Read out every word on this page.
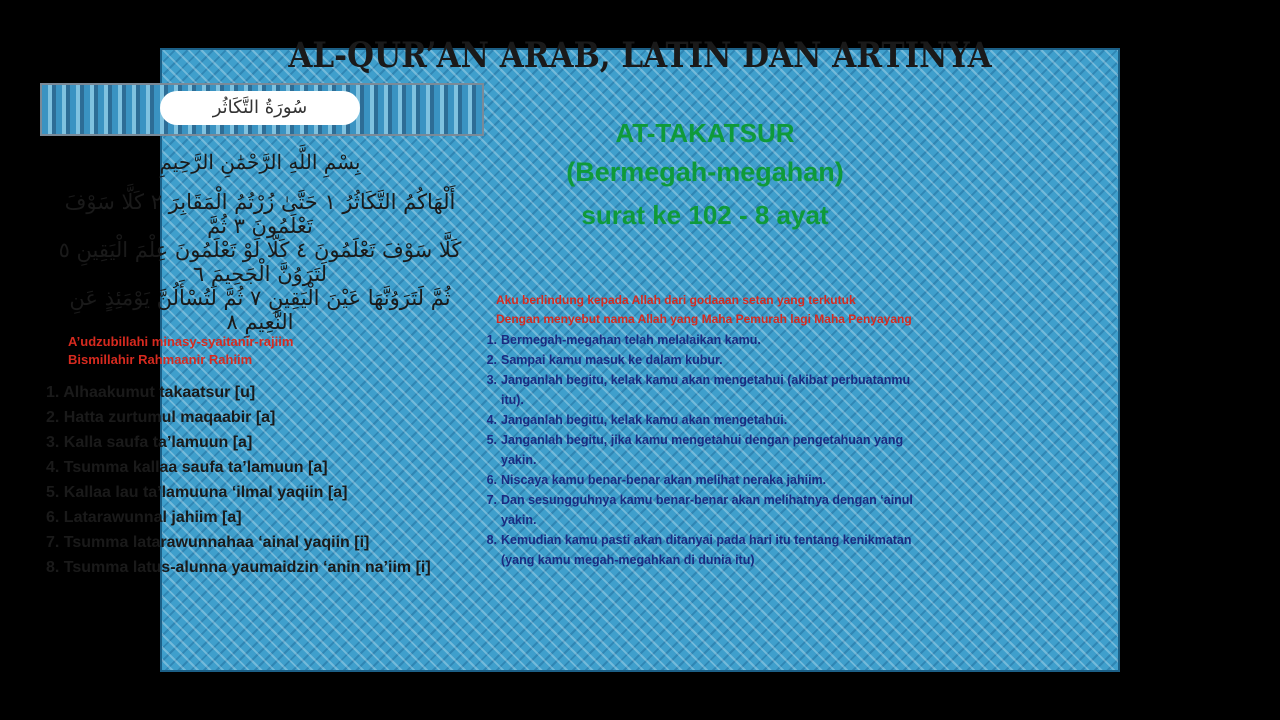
AL-QUR’AN ARAB, LATIN DAN ARTINYA
سُورَةُ التَّكَاثُر
بِسْمِ اللَّهِ الرَّحْمَٰنِ الرَّحِيمِ
أَلْهَاكُمُ التَّكَاثُرُ ١ حَتَّىٰ زُرْتُمُ الْمَقَابِرَ ٢ كَلَّا سَوْفَ تَعْلَمُونَ ٣ ثُمَّ
كَلَّا سَوْفَ تَعْلَمُونَ ٤ كَلَّا لَوْ تَعْلَمُونَ عِلْمَ الْيَقِينِ ٥ لَتَرَوُنَّ الْجَحِيمَ ٦
ثُمَّ لَتَرَوُنَّهَا عَيْنَ الْيَقِينِ ٧ ثُمَّ لَتُسْأَلُنَّ يَوْمَئِذٍ عَنِ النَّعِيمِ ٨
A’udzubillahi minasy-syaitanir-rajiim
Bismillahir Rahmaanir Rahiim
1. Alhaakumut takaatsur [u]
2. Hatta zurtumul maqaabir [a]
3. Kalla saufa ta’lamuun [a]
4. Tsumma kallaa saufa ta’lamuun [a]
5. Kallaa lau ta’lamuuna ‘ilmal yaqiin [a]
6. Latarawunnal jahiim [a]
7. Tsumma latarawunnahaa ‘ainal yaqiin [i]
8. Tsumma latus-alunna yaumaidzin ‘anin na’iim [i]
AT-TAKATSUR
(Bermegah-megahan)
surat ke 102 - 8 ayat
Aku berlindung kepada Allah dari godaaan setan yang terkutuk
Dengan menyebut nama Allah yang Maha Pemurah lagi Maha Penyayang
1. Bermegah-megahan telah melalaikan kamu.
2. Sampai kamu masuk ke dalam kubur.
3. Janganlah begitu, kelak kamu akan mengetahui (akibat perbuatanmu itu).
4. Janganlah begitu, kelak kamu akan mengetahui.
5. Janganlah begitu, jika kamu mengetahui dengan pengetahuan yang yakin.
6. Niscaya kamu benar-benar akan melihat neraka jahiim.
7. Dan sesungguhnya kamu benar-benar akan melihatnya dengan ‘ainul yakin.
8. Kemudian kamu pasti akan ditanyai pada hari itu tentang kenikmatan (yang kamu megah-megahkan di dunia itu)
